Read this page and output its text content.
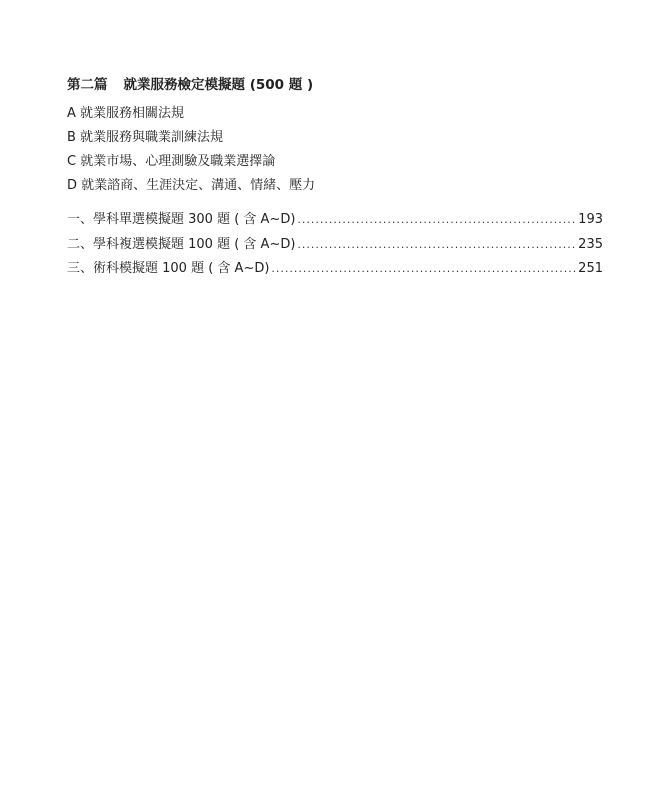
第二篇 就業服務檢定模擬題 (500 題 )
A 就業服務相關法規
B 就業服務與職業訓練法規
C 就業市場、心理測驗及職業選擇論
D 就業諮商、生涯決定、溝通、情緒、壓力
一、學科單選模擬題 300 題 ( 含 A~D) .....	193
二、學科複選模擬題 100 題 ( 含 A~D) .....	235
三、術科模擬題 100 題 ( 含 A~D) .....	251
